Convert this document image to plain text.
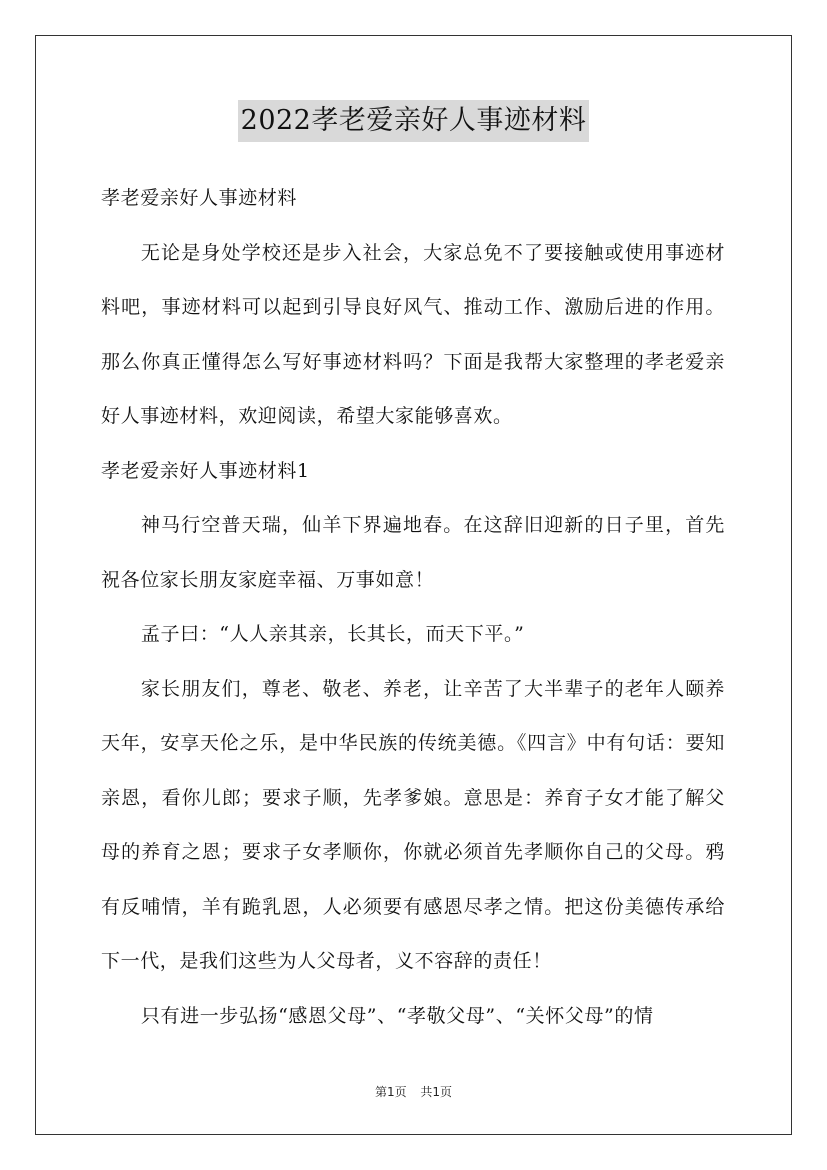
2022孝老爱亲好人事迹材料

孝老爱亲好人事迹材料

无论是身处学校还是步入社会，大家总免不了要接触或使用事迹材料吧，事迹材料可以起到引导良好风气、推动工作、激励后进的作用。那么你真正懂得怎么写好事迹材料吗？下面是我帮大家整理的孝老爱亲好人事迹材料，欢迎阅读，希望大家能够喜欢。

孝老爱亲好人事迹材料1

神马行空普天瑞，仙羊下界遍地春。在这辞旧迎新的日子里，首先祝各位家长朋友家庭幸福、万事如意！

孟子曰：“人人亲其亲，长其长，而天下平。”

家长朋友们，尊老、敬老、养老，让辛苦了大半辈子的老年人颐养天年，安享天伦之乐，是中华民族的传统美德。《四言》中有句话：要知亲恩，看你儿郎；要求子顺，先孝爹娘。意思是：养育子女才能了解父母的养育之恩；要求子女孝顺你，你就必须首先孝顺你自己的父母。鸦有反哺情，羊有跪乳恩，人必须要有感恩尽孝之情。把这份美德传承给下一代，是我们这些为人父母者，义不容辞的责任！

只有进一步弘扬“感恩父母”、“孝敬父母”、“关怀父母”的情

第1页 共1页
